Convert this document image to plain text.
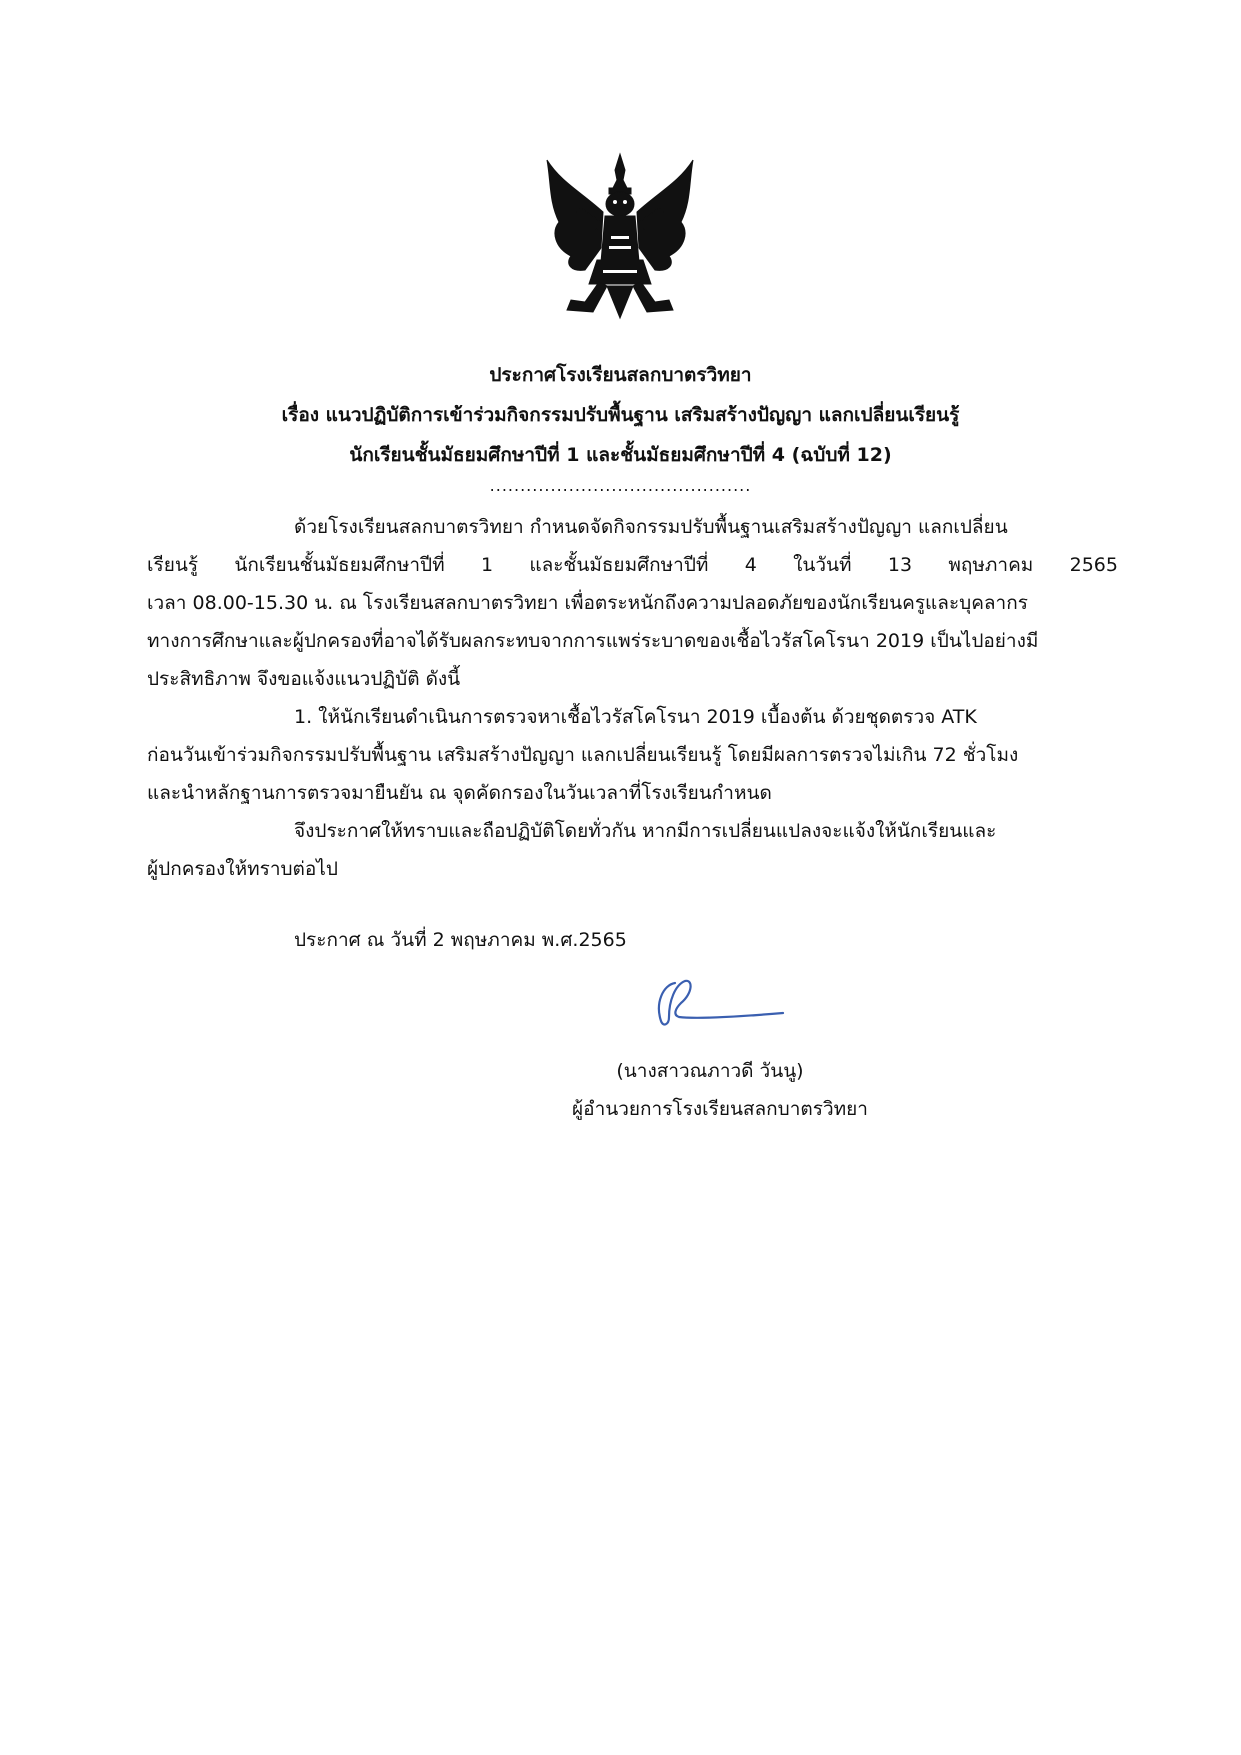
ประกาศโรงเรียนสลกบาตรวิทยา
เรื่อง แนวปฏิบัติการเข้าร่วมกิจกรรมปรับพื้นฐาน เสริมสร้างปัญญา แลกเปลี่ยนเรียนรู้
นักเรียนชั้นมัธยมศึกษาปีที่ 1 และชั้นมัธยมศึกษาปีที่ 4 (ฉบับที่ 12)
...........................................
ด้วยโรงเรียนสลกบาตรวิทยา กำหนดจัดกิจกรรมปรับพื้นฐานเสริมสร้างปัญญา แลกเปลี่ยน
เรียนรู้ นักเรียนชั้นมัธยมศึกษาปีที่ 1 และชั้นมัธยมศึกษาปีที่ 4 ในวันที่ 13 พฤษภาคม 2565
เวลา 08.00-15.30 น. ณ โรงเรียนสลกบาตรวิทยา เพื่อตระหนักถึงความปลอดภัยของนักเรียนครูและบุคลากร
ทางการศึกษาและผู้ปกครองที่อาจได้รับผลกระทบจากการแพร่ระบาดของเชื้อไวรัสโคโรนา 2019 เป็นไปอย่างมี
ประสิทธิภาพ จึงขอแจ้งแนวปฏิบัติ ดังนี้
1. ให้นักเรียนดำเนินการตรวจหาเชื้อไวรัสโคโรนา 2019 เบื้องต้น ด้วยชุดตรวจ ATK
ก่อนวันเข้าร่วมกิจกรรมปรับพื้นฐาน เสริมสร้างปัญญา แลกเปลี่ยนเรียนรู้ โดยมีผลการตรวจไม่เกิน 72 ชั่วโมง
และนำหลักฐานการตรวจมายืนยัน ณ จุดคัดกรองในวันเวลาที่โรงเรียนกำหนด
จึงประกาศให้ทราบและถือปฏิบัติโดยทั่วกัน หากมีการเปลี่ยนแปลงจะแจ้งให้นักเรียนและ
ผู้ปกครองให้ทราบต่อไป
ประกาศ ณ วันที่ 2 พฤษภาคม พ.ศ.2565
(นางสาวณภาวดี วันนู)
ผู้อำนวยการโรงเรียนสลกบาตรวิทยา
